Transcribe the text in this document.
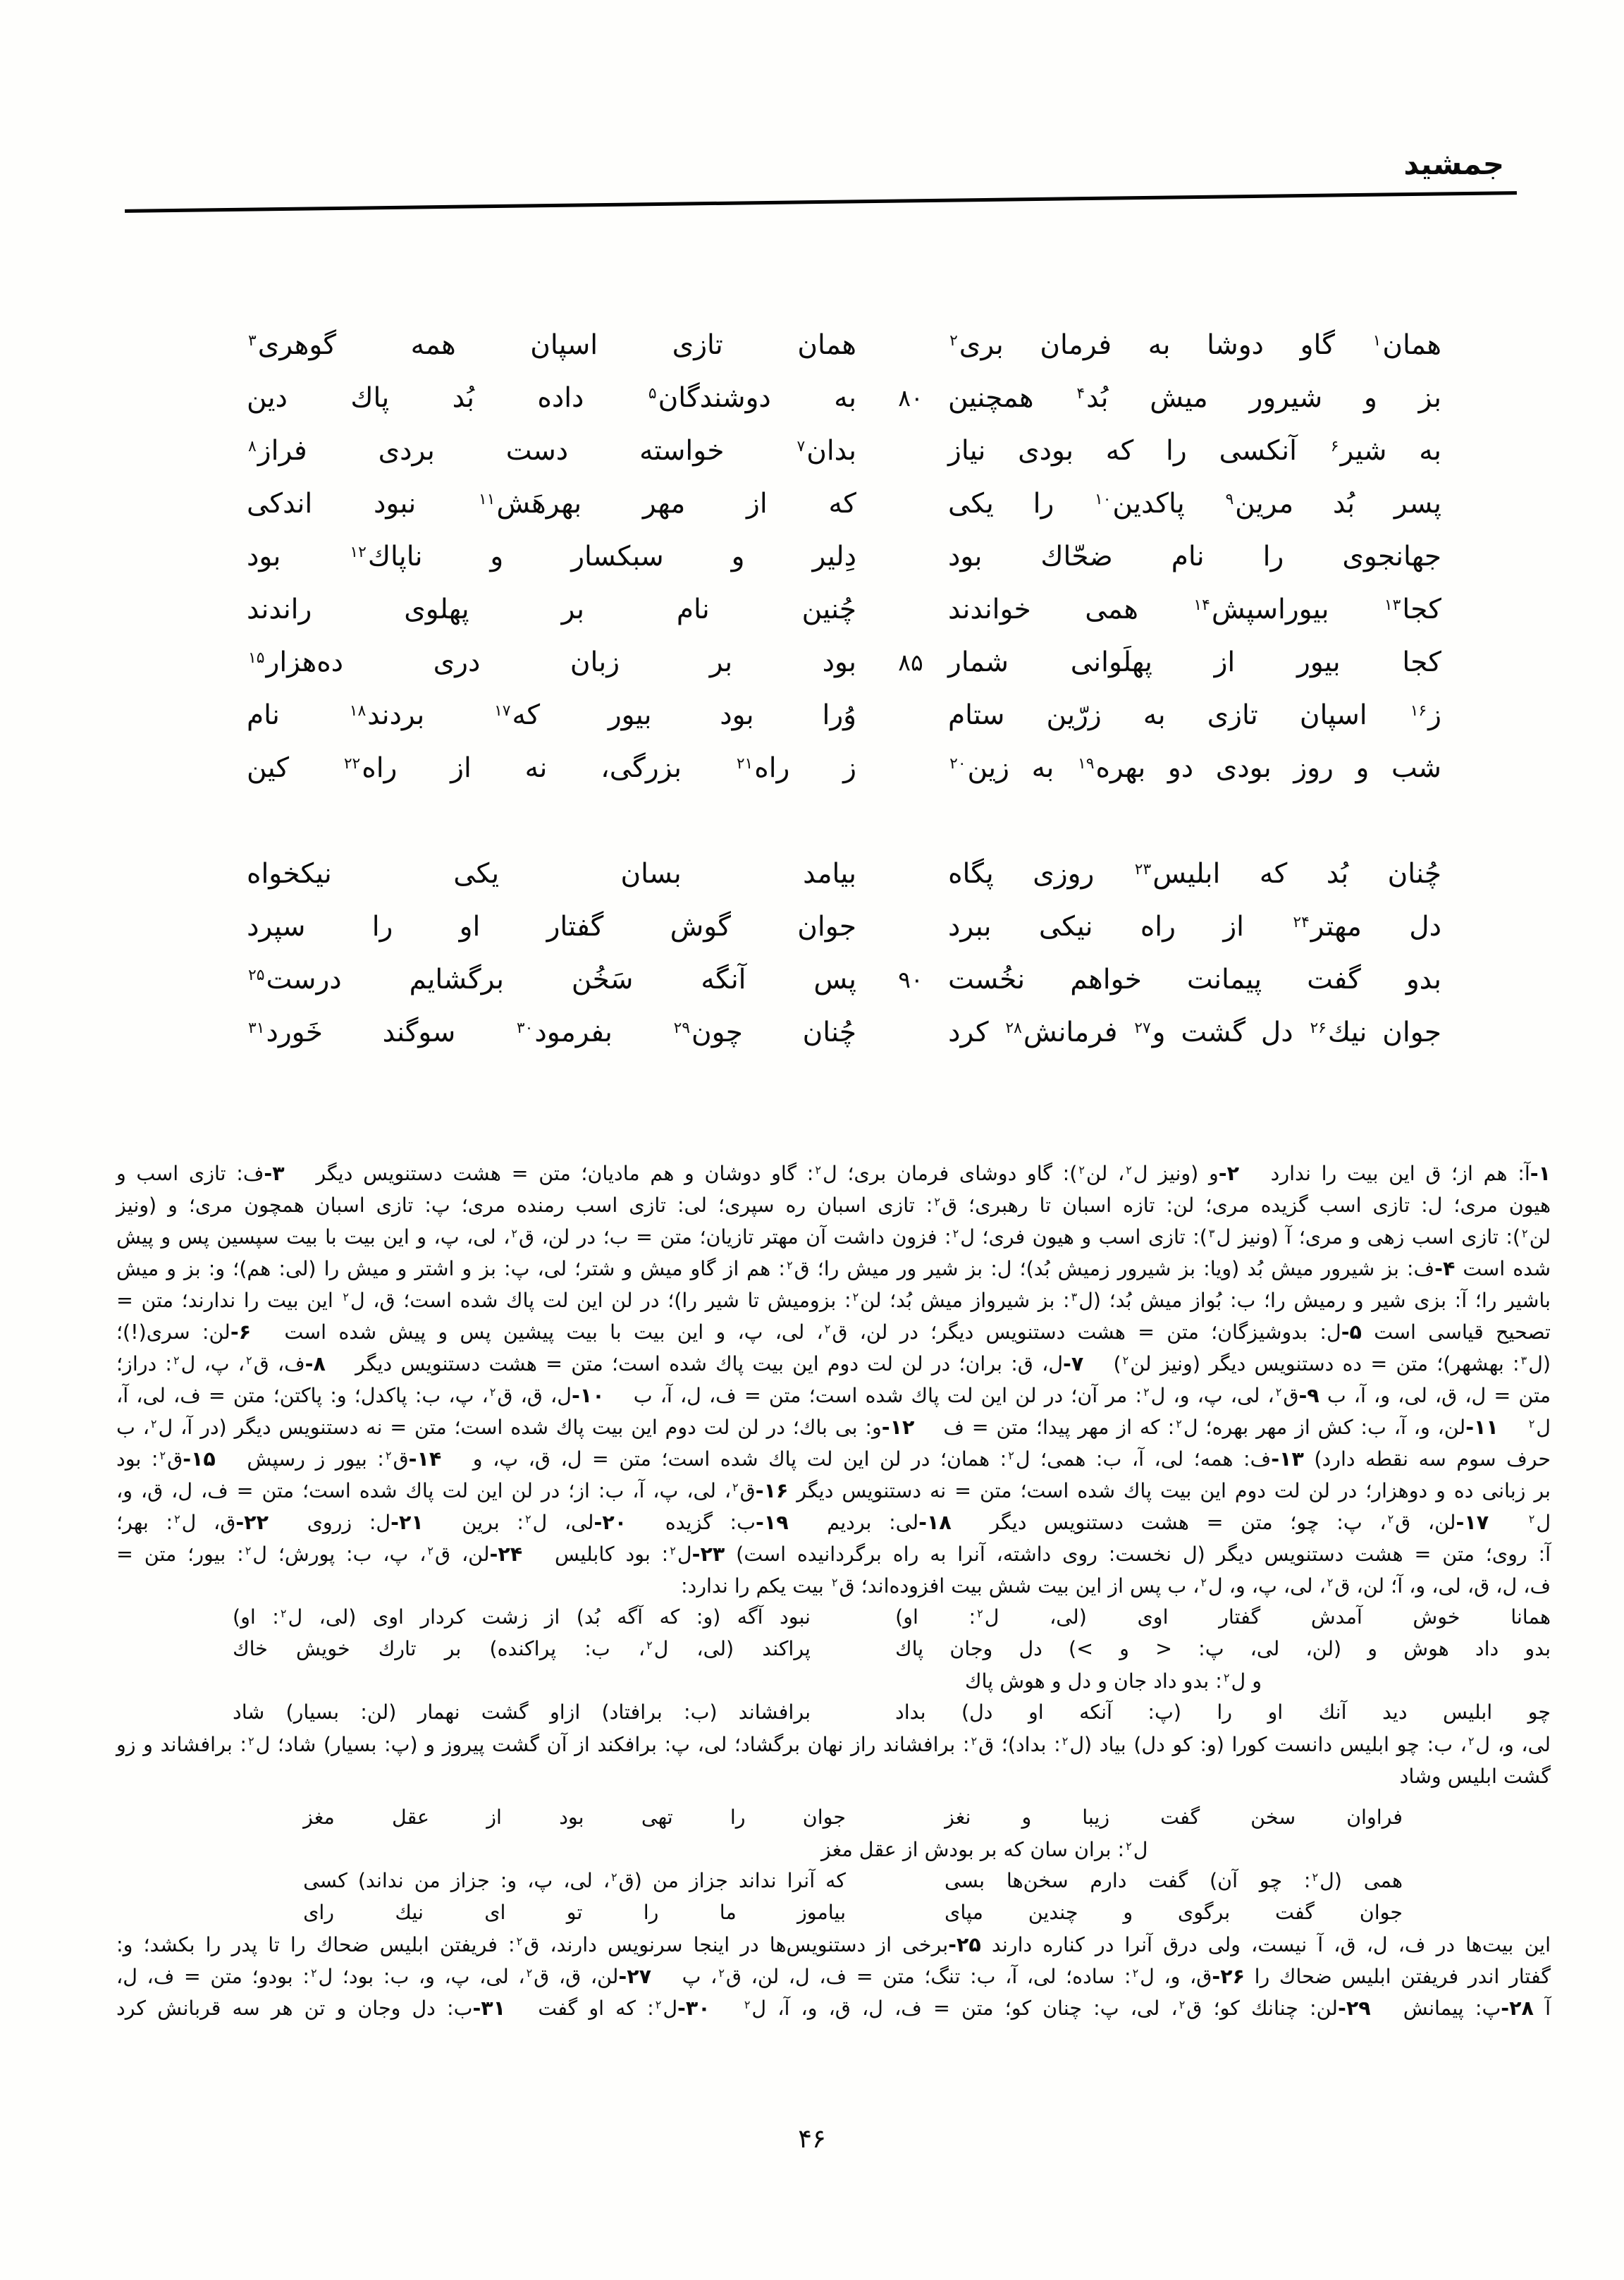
جمشید
همان$^۱$
گاو
دوشا
به
فرمان
بری$^۲$
همان
تازی
اسپان
همه
گوهری$^۳$
بز
و
شیرور
میش
بُد$^۴$
همچنین
۸۰
به
دوشندگان$^۵$
داده
بُد
پاك
دین
به
شیر$^۶$
آنکسی
را
که
بودی
نیاز
بدان$^۷$
خواسته
دست
بردی
فراز$^۸$
پسر
بُد
مرین$^۹$
پاکدین$^{۱۰}$
را
یکی
که
از
مهر
بهرهَش$^{۱۱}$
نبود
اندکی
جهانجوی
را
نام
ضحّاك
بود
دِلیر
و
سبکسار
و
ناپاك$^{۱۲}$
بود
کجا$^{۱۳}$
بیوراسپش$^{۱۴}$
همی
خواندند
چُنین
نام
بر
پهلوی
راندند
کجا
بیور
از
پهلَوانی
شمار
۸۵
بود
بر
زبان
دری
ده‌هزار$^{۱۵}$
ز$^{۱۶}$
اسپان
تازی
به
زرّین
ستام
وُرا
بود
بیور
که$^{۱۷}$
بردند$^{۱۸}$
نام
شب
و
روز
بودی
دو
بهره$^{۱۹}$
به
زین$^{۲۰}$
ز
راه$^{۲۱}$
بزرگی،
نه
از
راه$^{۲۲}$
کین
چُنان
بُد
که
ابلیس$^{۲۳}$
روزی
پگاه
بیامد
بسان
یکی
نیکخواه
دل
مهتر$^{۲۴}$
از
راه
نیکی
ببرد
جوان
گوش
گفتار
او
را
سپرد
بدو
گفت
پیمانت
خواهم
نخُست
۹۰
پس
آنگه
سَخُن
برگشایم
درست$^{۲۵}$
جوان
نیك$^{۲۶}$
دل
گشت
و$^{۲۷}$
فرمانش$^{۲۸}$
کرد
چُنان
چون$^{۲۹}$
بفرمود$^{۳۰}$
سوگند
خَورد$^{۳۱}$
۱-آ: هم از؛ ق این بیت را ندارد ۲-و (ونیز ل$^۲$، لن$^۲$): گاو دوشای فرمان بری؛ ل$^۲$: گاو دوشان و هم مادیان؛ متن = هشت دستنویس دیگر ۳-ف: تازی اسب و
هیون مری؛ ل: تازی اسب گزیده مری؛ لن: تازه اسبان تا رهبری؛ ق$^۲$: تازی اسبان ره سپری؛ لی: تازی اسب رمنده مری؛ پ: تازی اسبان همچون مری؛ و (ونیز
لن$^۲$): تازی اسب زهی و مری؛ آ (ونیز ل$^۳$): تازی اسب و هیون فری؛ ل$^۲$: فزون داشت آن مهتر تازیان؛ متن = ب؛ در لن، ق$^۲$، لی، پ، و این بیت با بیت سپسین پس و پیش
شده است ۴-ف: بز شیرور میش بُد (ویا: بز شیرور زمیش بُد)؛ ل: بز شیر ور میش را؛ ق$^۲$: هم از گاو میش و شتر؛ لی، پ: بز و اشتر و میش را (لی: هم)؛ و: بز و میش
باشیر را؛ آ: بزی شیر و رمیش را؛ ب: بُواز میش بُد؛ (ل$^۳$: بز شیرواز میش بُد؛ لن$^۲$: بزومیش تا شیر را)؛ در لن این لت پاك شده است؛ ق، ل$^۲$ این بیت را ندارند؛ متن =
تصحیح قیاسی است ۵-ل: بدوشیزگان؛ متن = هشت دستنویس دیگر؛ در لن، ق$^۲$، لی، پ، و این بیت با بیت پیشین پس و پیش شده است ۶-لن: سری(!)؛
(ل$^۳$: بهشهر)؛ متن = ده دستنویس دیگر (ونیز لن$^۲$) ۷-ل، ق: بران؛ در لن لت دوم این بیت پاك شده است؛ متن = هشت دستنویس دیگر ۸-ف، ق$^۲$، پ، ل$^۲$: دراز؛
متن = ل، ق، لی، و، آ، ب ۹-ق$^۲$، لی، پ، و، ل$^۲$: مر آن؛ در لن این لت پاك شده است؛ متن = ف، ل، آ، ب ۱۰-ل، ق، ق$^۲$، پ، ب: پاکدل؛ و: پاکتن؛ متن = ف، لی، آ،
ل$^۲$ ۱۱-لن، و، آ، ب: کش از مهر بهره؛ ل$^۲$: که از مهر پیدا؛ متن = ف ۱۲-و: بی باك؛ در لن لت دوم این بیت پاك شده است؛ متن = نه دستنویس دیگر (در آ، ل$^۲$، ب
حرف سوم سه نقطه دارد) ۱۳-ف: همه؛ لی، آ، ب: همی؛ ل$^۲$: همان؛ در لن این لت پاك شده است؛ متن = ل، ق، پ، و ۱۴-ق$^۲$: بیور ز رسپش ۱۵-ق$^۲$: بود
بر زبانی ده و دوهزار؛ در لن لت دوم این بیت پاك شده است؛ متن = نه دستنویس دیگر ۱۶-ق$^۲$، لی، پ، آ، ب: از؛ در لن این لت پاك شده است؛ متن = ف، ل، ق، و،
ل$^۲$ ۱۷-لن، ق$^۲$، پ: چو؛ متن = هشت دستنویس دیگر ۱۸-لی: بردیم ۱۹-ب: گزیده ۲۰-لی، ل$^۲$: برین ۲۱-ل: زروی ۲۲-ق، ل$^۲$: بهر؛
آ: روی؛ متن = هشت دستنویس دیگر (ل نخست: روی داشته، آنرا به راه برگردانیده است) ۲۳-ل$^۲$: بود کابلیس ۲۴-لن، ق$^۲$، پ، ب: پورش؛ ل$^۲$: بیور؛ متن =
ف، ل، ق، لی، و، آ؛ لن، ق$^۲$، لی، پ، و، ل$^۲$، ب پس از این بیت شش بیت افزوده‌اند؛ ق$^۲$ بیت یکم را ندارد:
همانا
خوش
آمدش
گفتار
اوی
(لی،
ل$^۲$:
او)
نبود
آگه
(و:
که
آگه
بُد)
از
زشت
کردار
اوی
(لی،
ل$^۲$:
او)
بدو
داد
هوش
و
(لن،
لی،
پ:
<
و
>)
دل
وجان
پاك
پراکند
(لی،
ل$^۲$،
ب:
پراکنده)
بر
تارك
خویش
خاك
و ل$^۲$: بدو داد جان و دل و هوش پاك
چو
ابلیس
دید
آنك
او
را
(پ:
آنکه
او
دل)
بداد
برافشاند
(ب:
برافتاد)
ازاو
گشت
نهمار
(لن:
بسیار)
شاد
لی، و، ل$^۲$، ب: چو ابلیس دانست کورا (و: کو دل) بیاد (ل$^۲$: بداد)؛ ق$^۲$: برافشاند راز نهان برگشاد؛ لی، پ: برافکند از آن گشت پیروز و (پ: بسیار) شاد؛ ل$^۲$: برافشاند و زو
گشت ابلیس وشاد
فراوان
سخن
گفت
زیبا
و
نغز
جوان
را
تهی
بود
از
عقل
مغز
ل$^۲$: بران سان که بر بودش از عقل مغز
همی
(ل$^۲$:
چو
آن)
گفت
دارم
سخن‌ها
بسی
که
آنرا
نداند
جزاز
من
(ق$^۲$،
لی،
پ،
و:
جزاز
من
نداند)
کسی
جوان
گفت
برگوی
و
چندین
مپای
بیاموز
ما
را
تو
ای
نیك
رای
این بیت‌ها در ف، ل، ق، آ نیست، ولی درق آنرا در کناره دارند ۲۵-برخی از دستنویس‌ها در اینجا سرنویس دارند، ق$^۲$: فریفتن ابلیس ضحاك را تا پدر را بکشد؛ و:
گفتار اندر فریفتن ابلیس ضحاك را ۲۶-ق، و، ل$^۲$: ساده؛ لی، آ، ب: تنگ؛ متن = ف، ل، لن، ق$^۲$، پ ۲۷-لن، ق، ق$^۲$، لی، پ، و، ب: بود؛ ل$^۲$: بودو؛ متن = ف، ل،
آ ۲۸-پ: پیمانش ۲۹-لن: چنانك کو؛ ق$^۲$، لی، پ: چنان کو؛ متن = ف، ل، ق، و، آ، ل$^۲$ ۳۰-ل$^۲$: که او گفت ۳۱-ب: دل وجان و تن هر سه قربانش کرد
۴۶
